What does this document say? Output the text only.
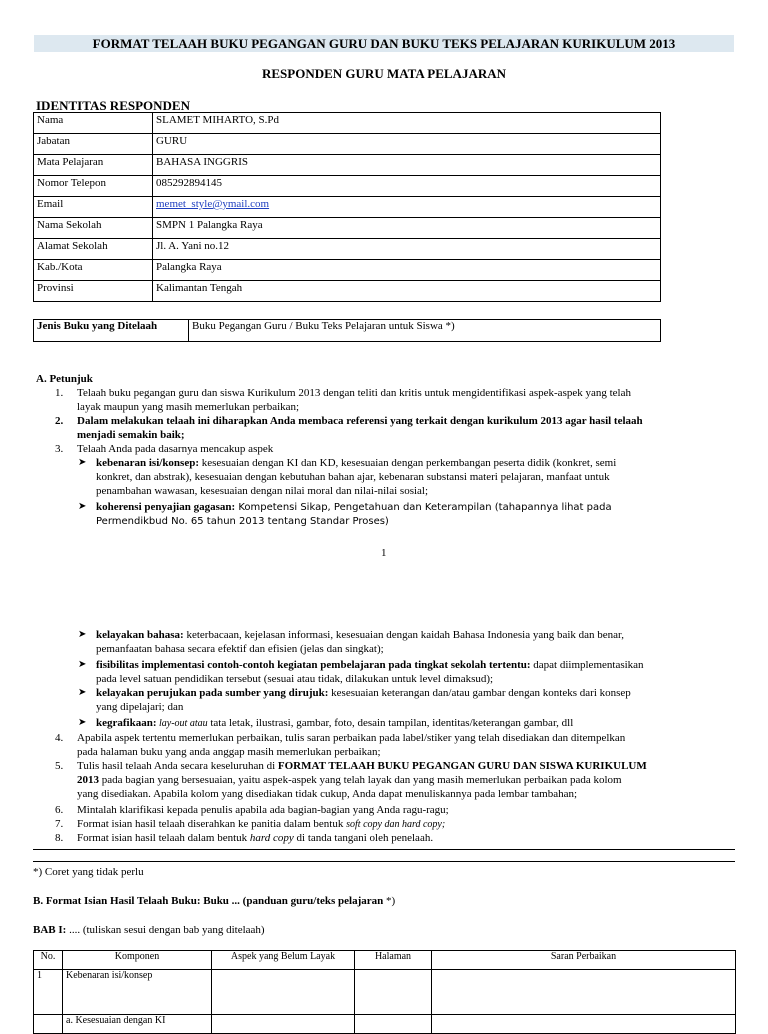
FORMAT TELAAH BUKU PEGANGAN GURU DAN BUKU TEKS PELAJARAN KURIKULUM 2013
RESPONDEN GURU MATA PELAJARAN
IDENTITAS RESPONDEN
Nama	SLAMET MIHARTO, S.Pd
Jabatan	GURU
Mata Pelajaran	BAHASA INGGRIS
Nomor Telepon	085292894145
Email	memet_style@ymail.com
Nama Sekolah	SMPN 1 Palangka Raya
Alamat Sekolah	Jl. A. Yani no.12
Kab./Kota	Palangka Raya
Provinsi	Kalimantan Tengah
Jenis Buku yang Ditelaah	Buku Pegangan Guru / Buku Teks Pelajaran untuk Siswa *)
A. Petunjuk
1. Telaah buku pegangan guru dan siswa Kurikulum 2013 dengan teliti dan kritis untuk mengidentifikasi aspek-aspek yang telah
layak maupun yang masih memerlukan perbaikan;
2. Dalam melakukan telaah ini diharapkan Anda membaca referensi yang terkait dengan kurikulum 2013 agar hasil telaah
menjadi semakin baik;
3. Telaah Anda pada dasarnya mencakup aspek
➤ kebenaran isi/konsep: kesesuaian dengan KI dan KD, kesesuaian dengan perkembangan peserta didik (konkret, semi
konkret, dan abstrak), kesesuaian dengan kebutuhan bahan ajar, kebenaran substansi materi pelajaran, manfaat untuk
penambahan wawasan, kesesuaian dengan nilai moral dan nilai-nilai sosial;
➤ koherensi penyajian gagasan: Kompetensi Sikap, Pengetahuan dan Keterampilan (tahapannya lihat pada
Permendikbud No. 65 tahun 2013 tentang Standar Proses)
1
➤ kelayakan bahasa: keterbacaan, kejelasan informasi, kesesuaian dengan kaidah Bahasa Indonesia yang baik dan benar,
pemanfaatan bahasa secara efektif dan efisien (jelas dan singkat);
➤ fisibilitas implementasi contoh-contoh kegiatan pembelajaran pada tingkat sekolah tertentu: dapat diimplementasikan
pada level satuan pendidikan tersebut (sesuai atau tidak, dilakukan untuk level dimaksud);
➤ kelayakan perujukan pada sumber yang dirujuk: kesesuaian keterangan dan/atau gambar dengan konteks dari konsep
yang dipelajari; dan
➤ kegrafikaan: lay-out atau tata letak, ilustrasi, gambar, foto, desain tampilan, identitas/keterangan gambar, dll
4. Apabila aspek tertentu memerlukan perbaikan, tulis saran perbaikan pada label/stiker yang telah disediakan dan ditempelkan
pada halaman buku yang anda anggap masih memerlukan perbaikan;
5. Tulis hasil telaah Anda secara keseluruhan di FORMAT TELAAH BUKU PEGANGAN GURU DAN SISWA KURIKULUM
2013 pada bagian yang bersesuaian, yaitu aspek-aspek yang telah layak dan yang masih memerlukan perbaikan pada kolom
yang disediakan. Apabila kolom yang disediakan tidak cukup, Anda dapat menuliskannya pada lembar tambahan;
6. Mintalah klarifikasi kepada penulis apabila ada bagian-bagian yang Anda ragu-ragu;
7. Format isian hasil telaah diserahkan ke panitia dalam bentuk soft copy dan hard copy;
8. Format isian hasil telaah dalam bentuk hard copy di tanda tangani oleh penelaah.
*) Coret yang tidak perlu
B. Format Isian Hasil Telaah Buku: Buku ... (panduan guru/teks pelajaran *)
BAB I: .... (tuliskan sesui dengan bab yang ditelaah)
No.	Komponen	Aspek yang Belum Layak	Halaman	Saran Perbaikan
1	Kebenaran isi/konsep			
	a. Kesesuaian dengan KI			
